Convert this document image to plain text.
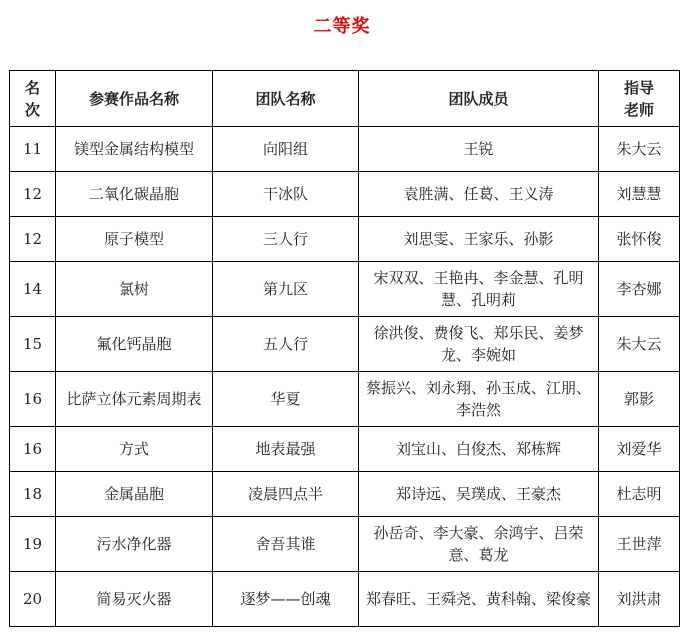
二等奖
名次	参赛作品名称	团队名称	团队成员	指导老师
11	镁型金属结构模型	向阳组	王锐	朱大云
12	二氧化碳晶胞	干冰队	袁胜满、任葛、王义涛	刘慧慧
12	原子模型	三人行	刘思雯、王家乐、孙影	张怀俊
14	氯树	第九区	宋双双、王艳冉、李金慧、孔明慧、孔明莉	李杏娜
15	氟化钙晶胞	五人行	徐洪俊、费俊飞、郑乐民、姜梦龙、李婉如	朱大云
16	比萨立体元素周期表	华夏	蔡振兴、刘永翔、孙玉成、江朋、李浩然	郭影
16	方式	地表最强	刘宝山、白俊杰、郑栋辉	刘爱华
18	金属晶胞	凌晨四点半	郑诗远、吴璞成、王豪杰	杜志明
19	污水净化器	舍吾其谁	孙岳奇、李大豪、余鸿宇、吕荣意、葛龙	王世萍
20	简易灭火器	逐梦——创魂	郑春旺、王舜尧、黄科翰、梁俊豪	刘洪肃
